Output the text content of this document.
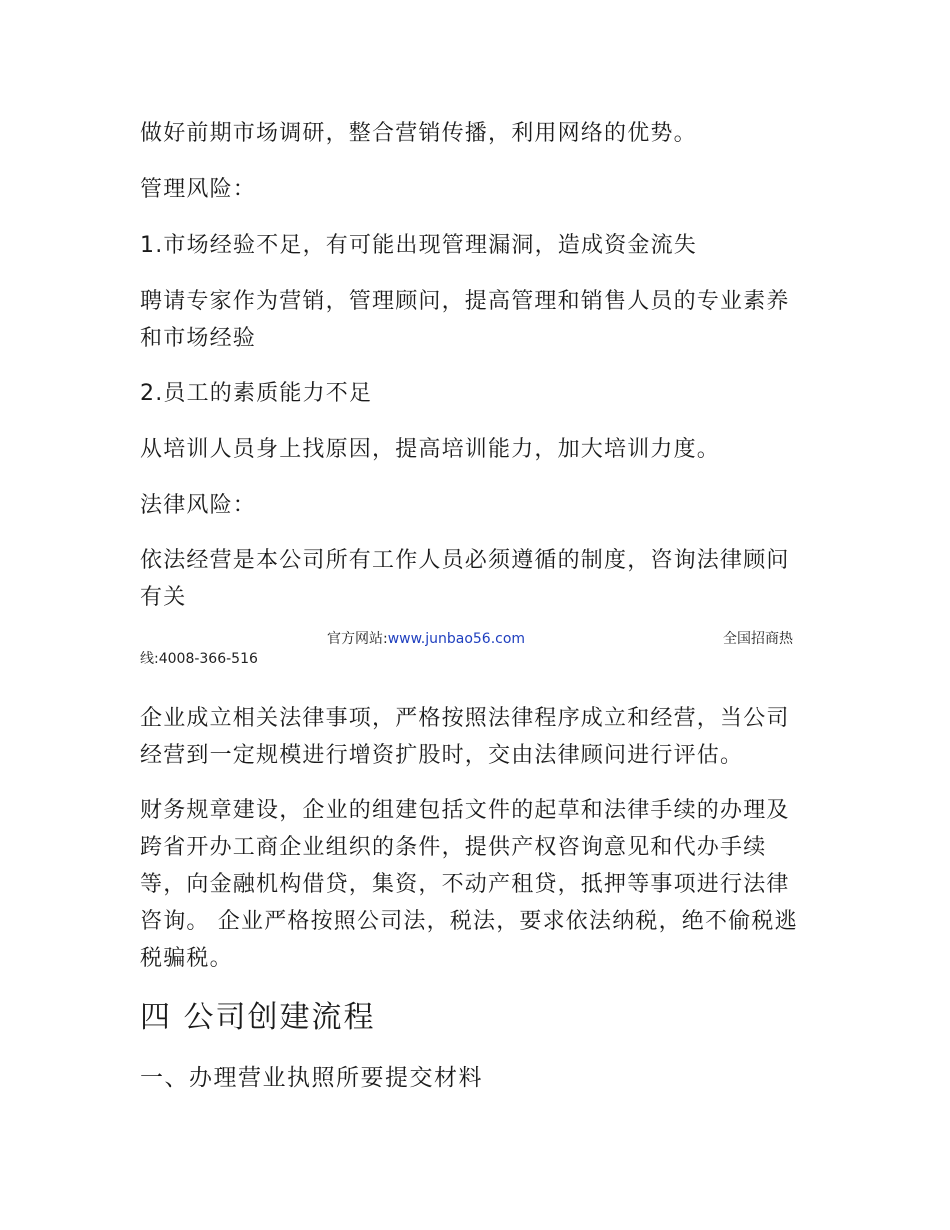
做好前期市场调研，整合营销传播，利用网络的优势。

管理风险：

1.市场经验不足，有可能出现管理漏洞，造成资金流失

聘请专家作为营销，管理顾问，提高管理和销售人员的专业素养和市场经验

2.员工的素质能力不足

从培训人员身上找原因，提高培训能力，加大培训力度。

法律风险：

依法经营是本公司所有工作人员必须遵循的制度，咨询法律顾问有关

官方网站:www.junbao56.com	全国招商热
线:4008-366-516

企业成立相关法律事项，严格按照法律程序成立和经营，当公司经营到一定规模进行增资扩股时，交由法律顾问进行评估。

财务规章建设，企业的组建包括文件的起草和法律手续的办理及跨省开办工商企业组织的条件，提供产权咨询意见和代办手续等，向金融机构借贷，集资，不动产租贷，抵押等事项进行法律咨询。 企业严格按照公司法，税法，要求依法纳税，绝不偷税逃税骗税。

四 公司创建流程
一、办理营业执照所要提交材料
